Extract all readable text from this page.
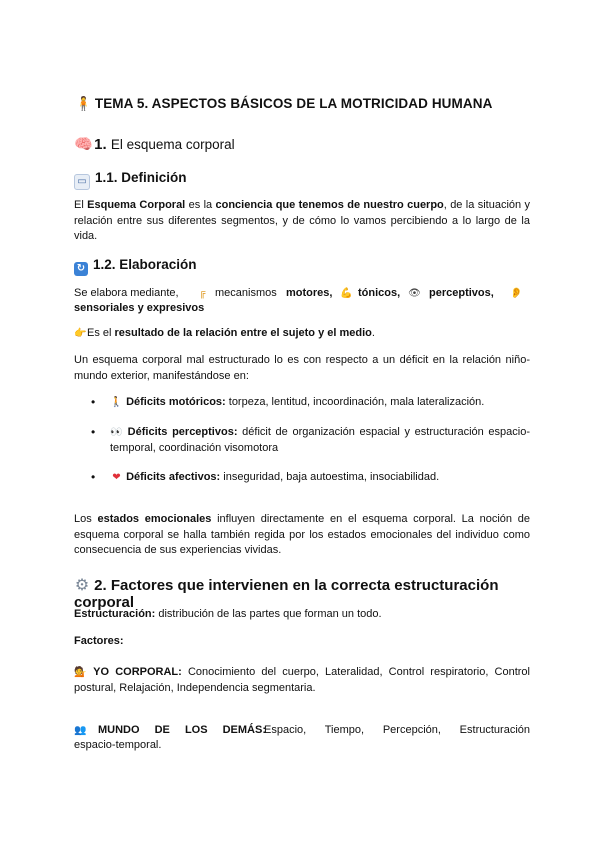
🧍 TEMA 5. ASPECTOS BÁSICOS DE LA MOTRICIDAD HUMANA
🧠 1. El esquema corporal
▭ 1.1. Definición
El Esquema Corporal es la conciencia que tenemos de nuestro cuerpo, de la situación y relación entre sus diferentes segmentos, y de cómo lo vamos percibiendo a lo largo de la vida.
↻ 1.2. Elaboración
Se elabora mediante,	╔ mecanismos motores, 💪 tónicos, 👁 perceptivos, 👂
sensoriales y expresivos
👉Es el resultado de la relación entre el sujeto y el medio.
Un esquema corporal mal estructurado lo es con respecto a un déficit en la relación niño-mundo exterior, manifestándose en:
• 🚶 Déficits motóricos: torpeza, lentitud, incoordinación, mala lateralización.
• 👀 Déficits perceptivos: déficit de organización espacial y estructuración espacio-temporal, coordinación visomotora
• ❤ Déficits afectivos: inseguridad, baja autoestima, insociabilidad.
Los estados emocionales influyen directamente en el esquema corporal. La noción de esquema corporal se halla también regida por los estados emocionales del individuo como consecuencia de sus experiencias vividas.
⚙ 2. Factores que intervienen en la correcta estructuración corporal
Estructuración: distribución de las partes que forman un todo.
Factores:
💁 YO CORPORAL: Conocimiento del cuerpo, Lateralidad, Control respiratorio, Control postural, Relajación, Independencia segmentaria.
👥 MUNDO DE LOS DEMÁS:
Espacio, Tiempo, Percepción, Estructuración
espacio-temporal.
